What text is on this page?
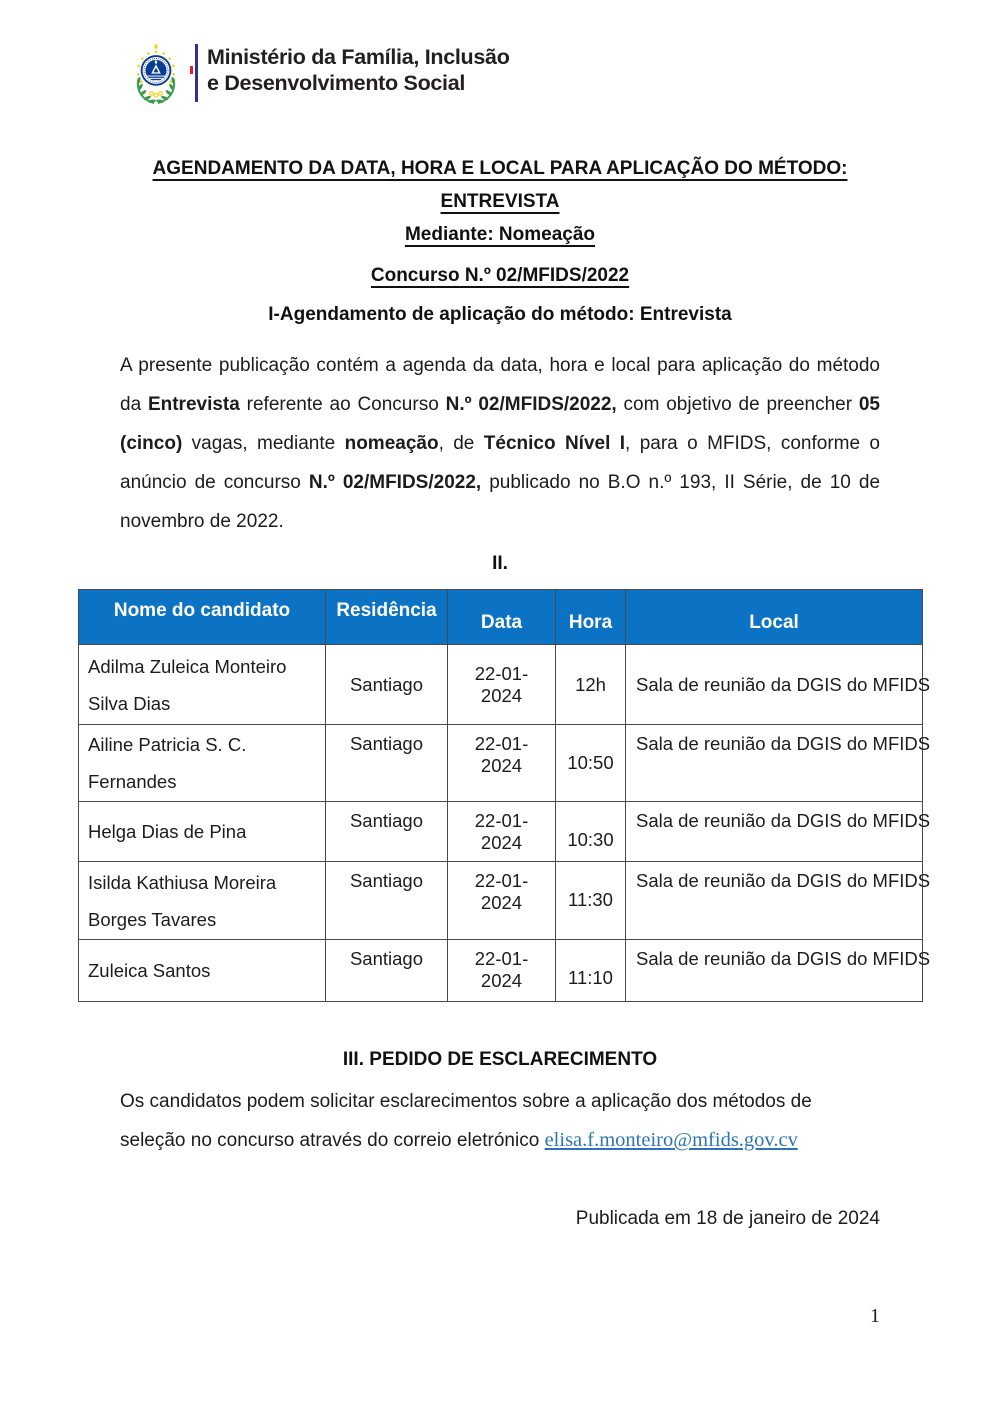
Ministério da Família, Inclusão
e Desenvolvimento Social
AGENDAMENTO DA DATA, HORA E LOCAL PARA APLICAÇÃO DO MÉTODO: ENTREVISTA
Mediante: Nomeação
Concurso N.º 02/MFIDS/2022
I-Agendamento de aplicação do método: Entrevista

A presente publicação contém a agenda da data, hora e local para aplicação do método da Entrevista referente ao Concurso N.º 02/MFIDS/2022, com objetivo de preencher 05 (cinco) vagas, mediante nomeação, de Técnico Nível I, para o MFIDS, conforme o anúncio de concurso N.º 02/MFIDS/2022, publicado no B.O n.º 193, II Série, de 10 de novembro de 2022.

II.
Nome do candidato	Residência	Data	Hora	Local
Adilma Zuleica Monteiro Silva Dias	Santiago	22-01-2024	12h	Sala de reunião da DGIS do MFIDS
Ailine Patricia S. C. Fernandes	Santiago	22-01-2024	10:50	Sala de reunião da DGIS do MFIDS
Helga Dias de Pina	Santiago	22-01-2024	10:30	Sala de reunião da DGIS do MFIDS
Isilda Kathiusa Moreira Borges Tavares	Santiago	22-01-2024	11:30	Sala de reunião da DGIS do MFIDS
Zuleica Santos	Santiago	22-01-2024	11:10	Sala de reunião da DGIS do MFIDS
III. PEDIDO DE ESCLARECIMENTO

Os candidatos podem solicitar esclarecimentos sobre a aplicação dos métodos de seleção no concurso através do correio eletrónico elisa.f.monteiro@mfids.gov.cv

Publicada em 18 de janeiro de 2024
1
